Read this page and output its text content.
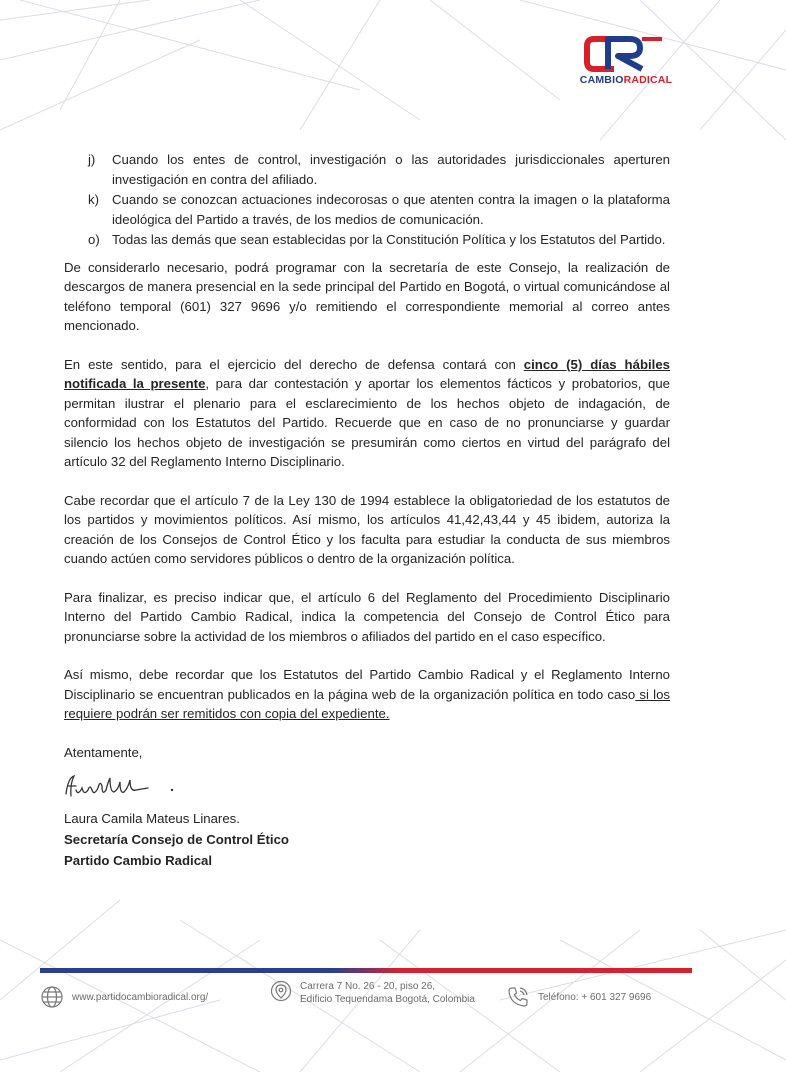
CAMBIORADICAL
j)	Cuando los entes de control, investigación o las autoridades jurisdiccionales aperturen investigación en contra del afiliado.
k) Cuando se conozcan actuaciones indecorosas o que atenten contra la imagen o la plataforma ideológica del Partido a través, de los medios de comunicación.
o) Todas las demás que sean establecidas por la Constitución Política y los Estatutos del Partido.

De considerarlo necesario, podrá programar con la secretaría de este Consejo, la realización de descargos de manera presencial en la sede principal del Partido en Bogotá, o virtual comunicándose al teléfono temporal (601) 327 9696 y/o remitiendo el correspondiente memorial al correo antes mencionado.

En este sentido, para el ejercicio del derecho de defensa contará con cinco (5) días hábiles notificada la presente, para dar contestación y aportar los elementos fácticos y probatorios, que permitan ilustrar el plenario para el esclarecimiento de los hechos objeto de indagación, de conformidad con los Estatutos del Partido. Recuerde que en caso de no pronunciarse y guardar silencio los hechos objeto de investigación se presumirán como ciertos en virtud del parágrafo del artículo 32 del Reglamento Interno Disciplinario.

Cabe recordar que el artículo 7 de la Ley 130 de 1994 establece la obligatoriedad de los estatutos de los partidos y movimientos políticos. Así mismo, los artículos 41,42,43,44 y 45 ibidem, autoriza la creación de los Consejos de Control Ético y los faculta para estudiar la conducta de sus miembros cuando actúen como servidores públicos o dentro de la organización política.

Para finalizar, es preciso indicar que, el artículo 6 del Reglamento del Procedimiento Disciplinario Interno del Partido Cambio Radical, indica la competencia del Consejo de Control Ético para pronunciarse sobre la actividad de los miembros o afiliados del partido en el caso específico.

Así mismo, debe recordar que los Estatutos del Partido Cambio Radical y el Reglamento Interno Disciplinario se encuentran publicados en la página web de la organización política en todo caso si los requiere podrán ser remitidos con copia del expediente.

Atentamente,
Laura Camila Mateus Linares.
Secretaría Consejo de Control Ético
Partido Cambio Radical
www.partidocambioradical.org/
Carrera 7 No. 26 - 20, piso 26,
Edificio Tequendama Bogotá, Colombia	Teléfono: + 601 327 9696
